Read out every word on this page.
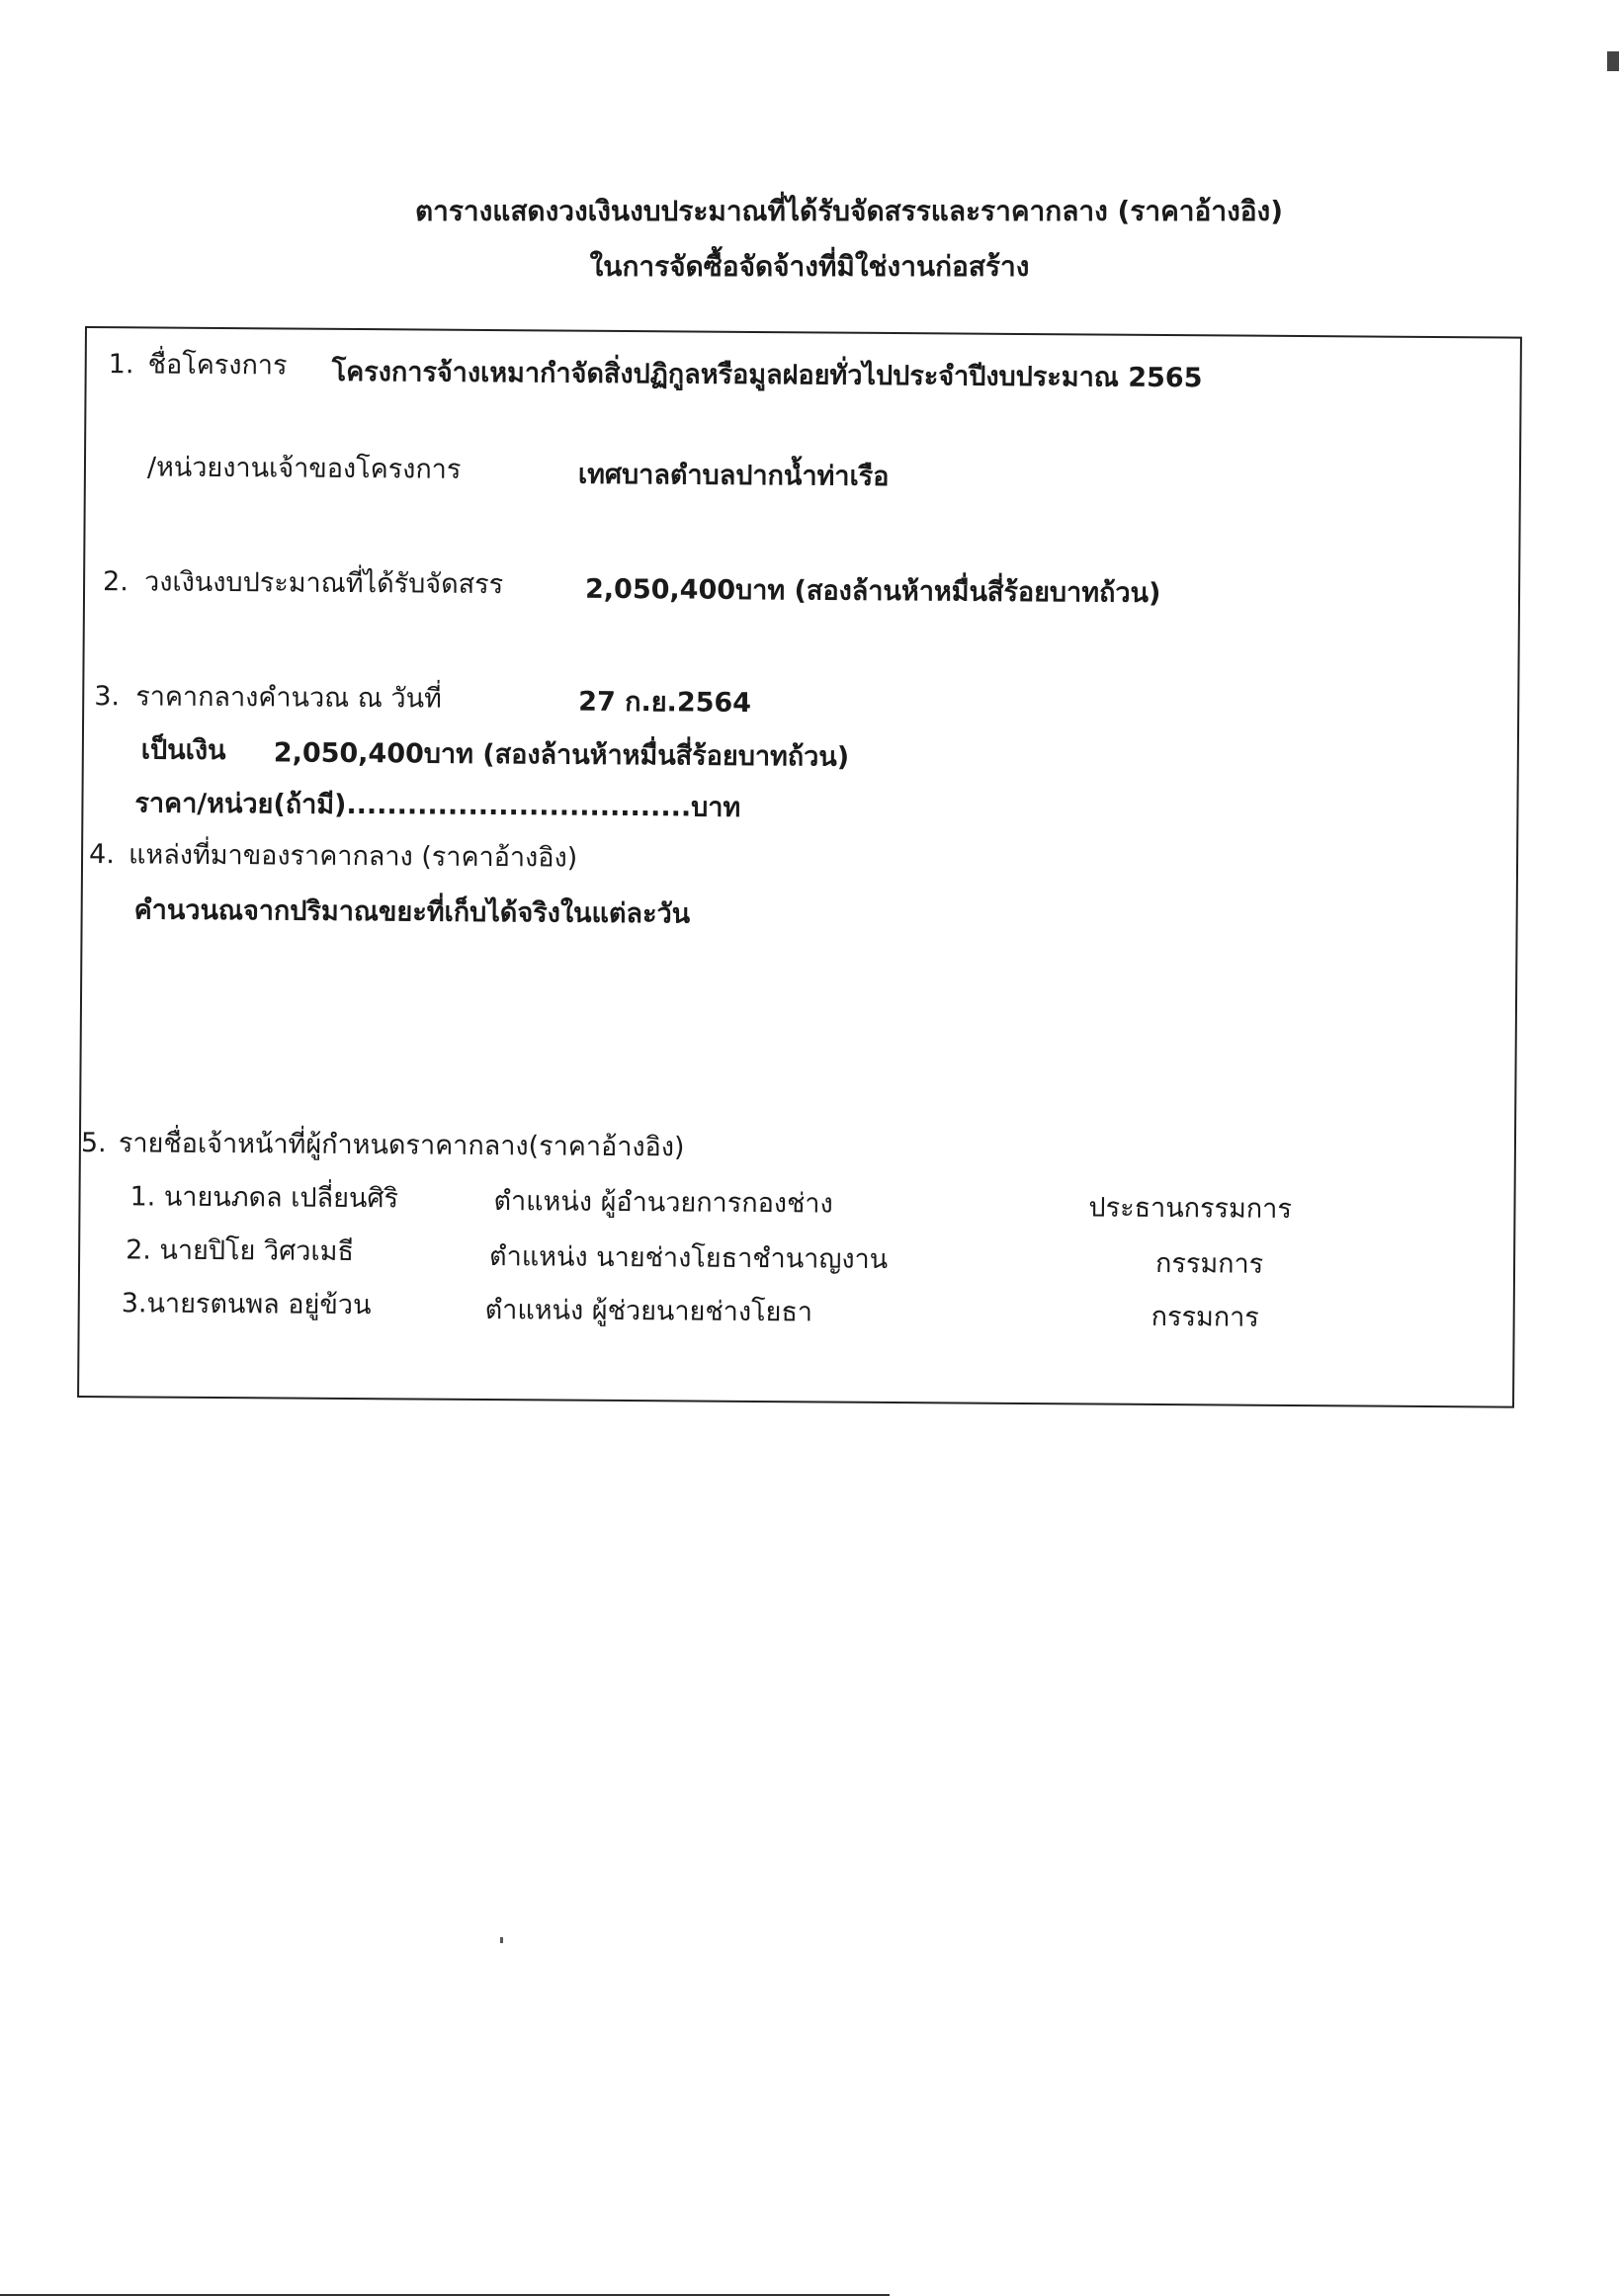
ตารางแสดงวงเงินงบประมาณที่ได้รับจัดสรรและราคากลาง (ราคาอ้างอิง)
ในการจัดซื้อจัดจ้างที่มิใช่งานก่อสร้าง
1. ชื่อโครงการ โครงการจ้างเหมากำจัดสิ่งปฏิกูลหรือมูลฝอยทั่วไปประจำปีงบประมาณ 2565
/หน่วยงานเจ้าของโครงการ	เทศบาลตำบลปากน้ำท่าเรือ
2. วงเงินงบประมาณที่ได้รับจัดสรร	2,050,400บาท (สองล้านห้าหมื่นสี่ร้อยบาทถ้วน)
3. ราคากลางคำนวณ ณ วันที่	27 ก.ย.2564
เป็นเงิน 2,050,400บาท (สองล้านห้าหมื่นสี่ร้อยบาทถ้วน)
ราคา/หน่วย(ถ้ามี)..................................บาท
4. แหล่งที่มาของราคากลาง (ราคาอ้างอิง)
คำนวนณจากปริมาณขยะที่เก็บได้จริงในแต่ละวัน
5. รายชื่อเจ้าหน้าที่ผู้กำหนดราคากลาง(ราคาอ้างอิง)
1. นายนภดล เปลี่ยนศิริ	ตำแหน่ง ผู้อำนวยการกองช่าง	ประธานกรรมการ
2. นายปิโย วิศวเมธี	ตำแหน่ง นายช่างโยธาชำนาญงาน	กรรมการ
3.นายรตนพล อยู่ข้วน	ตำแหน่ง ผู้ช่วยนายช่างโยธา	กรรมการ
